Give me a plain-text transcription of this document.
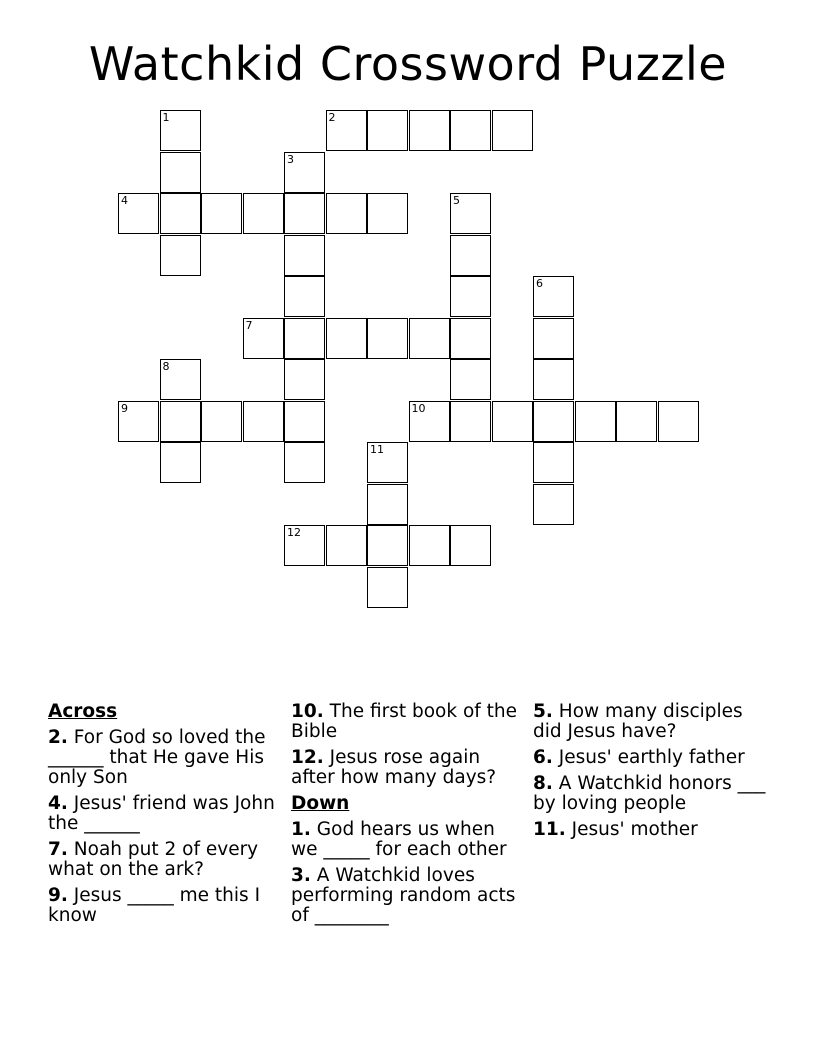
Watchkid Crossword Puzzle
2
4
7
9	10
12
1
3
5
6
8
11
Across
2. For God so loved the ______ that He gave His only Son
4. Jesus' friend was John the ______
7. Noah put 2 of every what on the ark?
9. Jesus _____ me this I know
10. The first book of the Bible
12. Jesus rose again after how many days?
Down
1. God hears us when we _____ for each other
3. A Watchkid loves performing random acts of ________
5. How many disciples did Jesus have?
6. Jesus' earthly father
8. A Watchkid honors ___ by loving people
11. Jesus' mother
